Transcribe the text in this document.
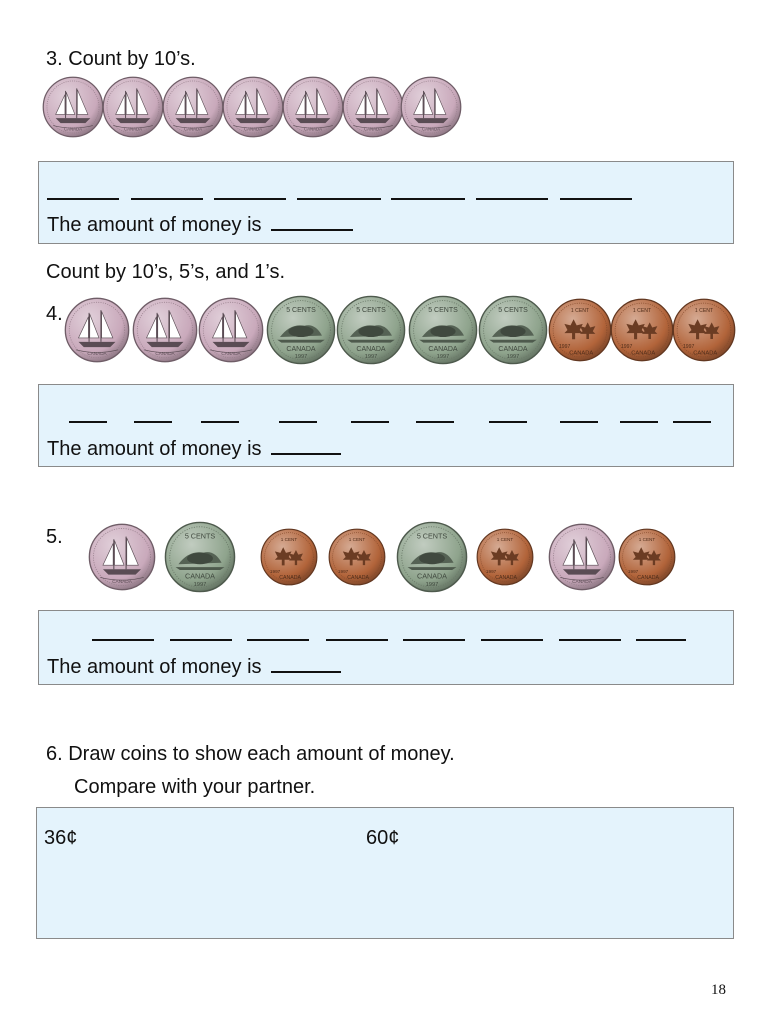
3. Count by 10’s.
CANADA	CANADA	CANADA	CANADA	CANADA	CANADA	CANADA
The amount of money is
Count by 10’s, 5’s, and 1’s.
4.
CANADA	CANADA	CANADA
5 CENTS
CANADA
1997
5 CENTS
CANADA
1997
5 CENTS
CANADA
1997
5 CENTS
CANADA
1997
1 CENT
1997
CANADA
1 CENT
1997
CANADA
1 CENT
1997
CANADA
The amount of money is
5.
CANADA
5 CENTS
CANADA
1997
1 CENT
1997
CANADA
1 CENT
1997
CANADA
5 CENTS
CANADA
1997
1 CENT
1997
CANADA
CANADA
1 CENT
1997
CANADA
The amount of money is
6. Draw coins to show each amount of money.
Compare with your partner.
36¢	60¢
18
